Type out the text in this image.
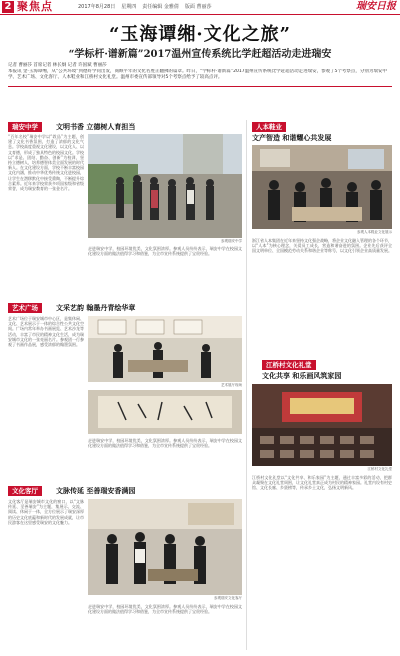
2 聚焦点	2017年8月28日 星期四 责任编辑 金雅倩 版面 曹丽莎	瑞安日报
“玉海谭缃·文化之旅”
“学标杆·谱新篇”2017温州宣传系统比学赶超活动走进瑞安
记者 曹丽莎 首席记者 林长炯 记者 许国斌 曹丽莎
本报讯 金·玉海谭缃，从“公共环境”到德好学问出发，商顾平年的文化名胜正翻拂的篇章。昨日，“学标杆·谱新篇”2017温州宣传系统比学赶超活动走进瑞安，参观了5个考察点，分别为瑞安中学、艺术广场、文化客厅、人本鞋业和江桥村文化礼堂。温州市委宣传部领导对5个考察点给予了较高点评。
瑞安中学	文明书香 立德树人育担当
“百年名校”瑞安中学以“敦品”为主题，创建了文化书香氛围，打造了浓郁的文化气息。学校高度重视文化建设，以文化人、以文育德，形成了独具特色的校园文化。学校以“求是、团结、勤奋、创新”为校训，坚持立德树人，培养德智体美全面发展的时代新人。在文化建设方面，学校不断丰富校园文化内涵，推动中华优秀传统文化进校园，让学生在潜移默化中接受熏陶，不断提升综合素养。近年来学校荣获多项国家级和省级荣誉，成为瑞安教育的一张金名片。
参观瑞安中学
走进瑞安中学，校园环境优美，文化氛围浓厚。参观人员纷纷表示，瑞安中学在校园文化建设方面的做法值得学习和借鉴，为全市宣传系统提供了宝贵经验。
人本鞋业
文产智造 和谐耀心共发展
参观人本鞋业文化展示
浙江省人本集团在近年来坚持文化强企战略，将企业文化融入管理的各个环节，以“人本”为核心理念，关爱员工成长，营造和谐奋进的氛围。企业先后获评全国文明单位、全国模范劳动关系和谐企业等称号，以文化引领企业高质量发展。
艺术广场	文采艺韵 翰墨丹青绘华章
艺术广场位于瑞安城市中心区，是集休闲、文化、艺术展示于一体的综合性公共文化空间。广场内常年举办书画展览、艺术沙龙等活动，丰富了市民的精神文化生活，成为瑞安城市文化的一张亮丽名片。参观团一行参观了书画作品展，感受浓郁的翰墨氛围。
艺术展厅现场
走进瑞安中学，校园环境优美，文化氛围浓厚。参观人员纷纷表示，瑞安中学在校园文化建设方面的做法值得学习和借鉴，为全市宣传系统提供了宝贵经验。
江桥村文化礼堂
文化共享 和乐画风筑家园
江桥村文化礼堂
江桥村文化礼堂以“文化共享、和乐家园”为主题，通过丰富多彩的活动，把群众凝聚在文化礼堂周围，让文化礼堂真正成为村民的精神家园。礼堂内设有村史馆、文化长廊、乡贤榜等，传承乡土文化，弘扬文明新风。
文化客厅	文脉传延 至善瑞安香满园
文化客厅是瑞安城市文化的窗口，以“文脉传延、至善瑞安”为主题，集展示、交流、阅读、休闲于一体，全方位展示了瑞安深厚的历史文化底蕴和新时代的发展成就，让市民游客在这里感受瑞安的文化魅力。
参观瑞安文化客厅
走进瑞安中学，校园环境优美，文化氛围浓厚。参观人员纷纷表示，瑞安中学在校园文化建设方面的做法值得学习和借鉴，为全市宣传系统提供了宝贵经验。
